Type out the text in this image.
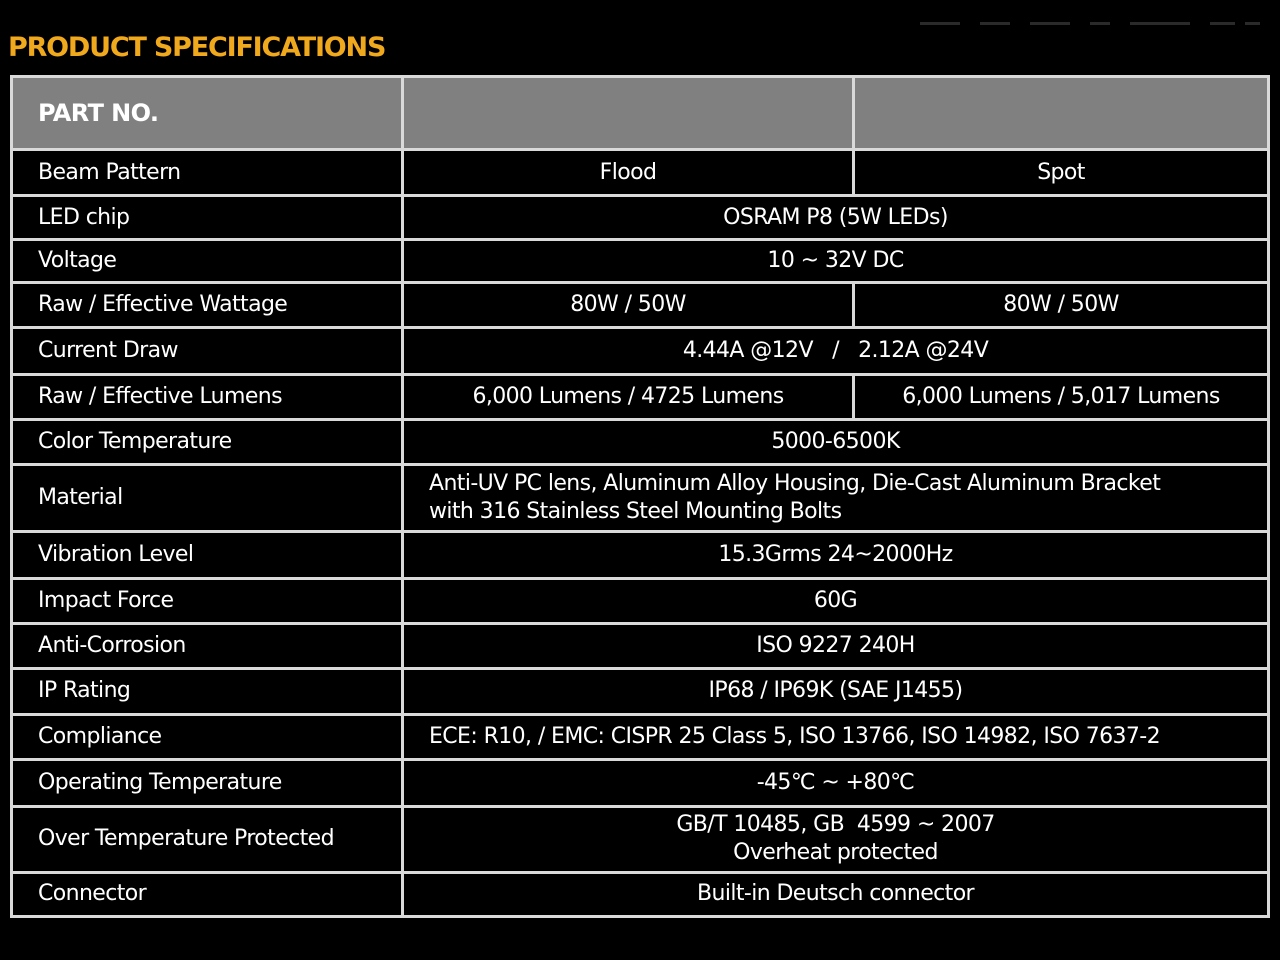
PRODUCT SPECIFICATIONS
PART NO.		
Beam Pattern	Flood	Spot
LED chip	OSRAM P8 (5W LEDs)	
Voltage	10 ~ 32V DC	
Raw / Effective Wattage	80W / 50W	80W / 50W
Current Draw	4.44A @12V   /   2.12A @24V	
Raw / Effective Lumens	6,000 Lumens / 4725 Lumens	6,000 Lumens / 5,017 Lumens
Color Temperature	5000-6500K	
Material	Anti-UV PC lens, Aluminum Alloy Housing, Die-Cast Aluminum Bracket
with 316 Stainless Steel Mounting Bolts	

Vibration Level	15.3Grms 24~2000Hz	
Impact Force	60G	
Anti-Corrosion	ISO 9227 240H	
IP Rating	IP68 / IP69K (SAE J1455)	
Compliance	ECE: R10, / EMC: CISPR 25 Class 5, ISO 13766, ISO 14982, ISO 7637-2	
Operating Temperature	-45℃ ~ +80℃	
Over Temperature Protected	GB/T 10485, GB  4599 ~ 2007
Overheat protected	

Connector	Built-in Deutsch connector	
